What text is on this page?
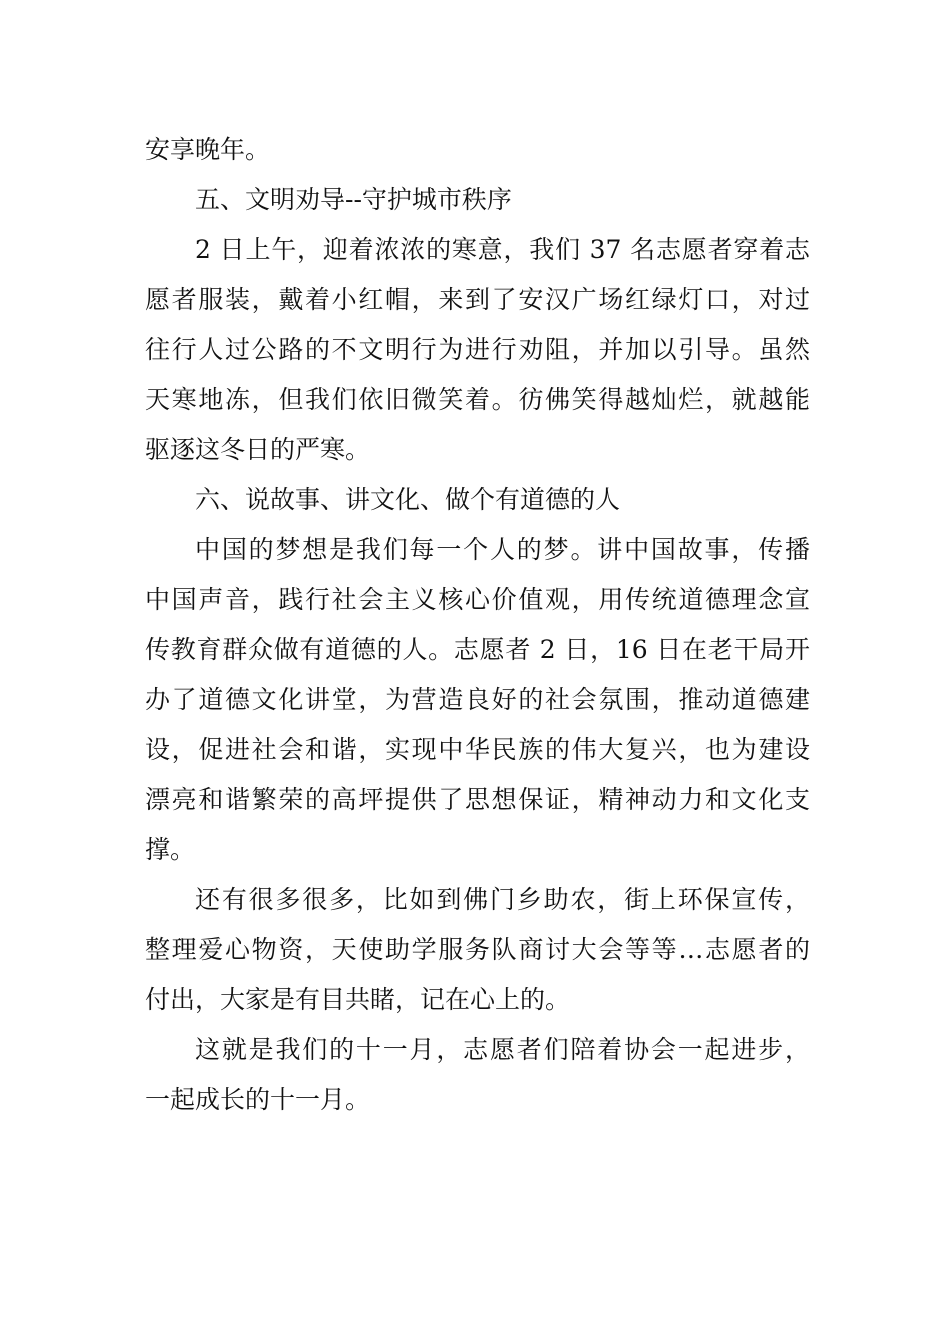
安享晚年。
五、文明劝导--守护城市秩序
2 日上午，迎着浓浓的寒意，我们 37 名志愿者穿着志
愿者服装，戴着小红帽，来到了安汉广场红绿灯口，对过
往行人过公路的不文明行为进行劝阻，并加以引导。虽然
天寒地冻，但我们依旧微笑着。彷佛笑得越灿烂，就越能
驱逐这冬日的严寒。
六、说故事、讲文化、做个有道德的人
中国的梦想是我们每一个人的梦。讲中国故事，传播
中国声音，践行社会主义核心价值观，用传统道德理念宣
传教育群众做有道德的人。志愿者 2 日，16 日在老干局开
办了道德文化讲堂，为营造良好的社会氛围，推动道德建
设，促进社会和谐，实现中华民族的伟大复兴，也为建设
漂亮和谐繁荣的高坪提供了思想保证，精神动力和文化支
撑。
还有很多很多，比如到佛门乡助农，街上环保宣传，
整理爱心物资，天使助学服务队商讨大会等等…志愿者的
付出，大家是有目共睹，记在心上的。
这就是我们的十一月，志愿者们陪着协会一起进步，
一起成长的十一月。
